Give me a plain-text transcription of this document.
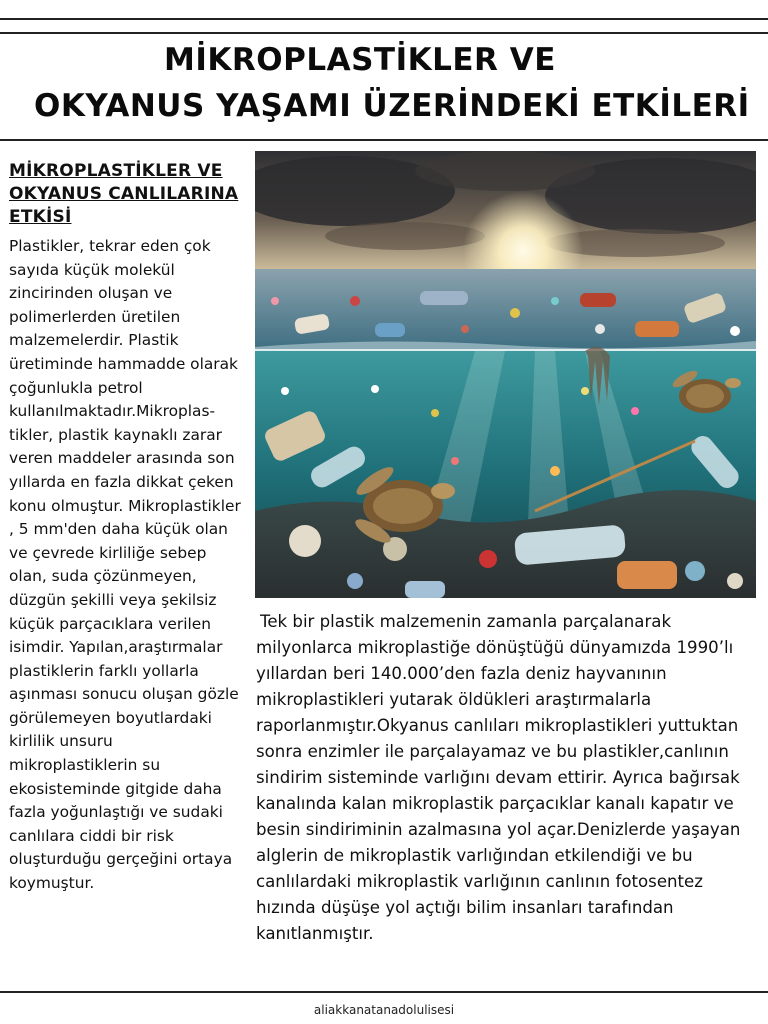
MİKROPLASTİKLER VE
OKYANUS YAŞAMI ÜZERİNDEKİ ETKİLERİ
MİKROPLASTİKLER VE OKYANUS CANLILARINA ETKİSİ

Plastikler, tekrar eden çok sayıda küçük molekül zincirinden oluşan ve polimerlerden üretilen malzemelerdir. Plastik üretiminde hammadde olarak çoğunlukla petrol kullanılmaktadır.Mikroplas-tikler, plastik kaynaklı zarar veren maddeler arasında son yıllarda en fazla dikkat çeken konu olmuştur. Mikroplastikler , 5 mm'den daha küçük olan ve çevrede kirliliğe sebep olan, suda çözünmeyen, düzgün şekilli veya şekilsiz küçük parçacıklara verilen isimdir. Yapılan,araştırmalar plastiklerin farklı yollarla aşınması sonucu oluşan gözle görülemeyen boyutlardaki kirlilik unsuru mikroplastiklerin su ekosisteminde gitgide daha fazla yoğunlaştığı ve sudaki canlılara ciddi bir risk oluşturduğu gerçeğini ortaya koymuştur.

Tek bir plastik malzemenin zamanla parçalanarak milyonlarca mikroplastiğe dönüştüğü dünyamızda 1990’lı yıllardan beri 140.000’den fazla deniz hayvanının mikroplastikleri yutarak öldükleri araştırmalarla raporlanmıştır.Okyanus canlıları mikroplastikleri yuttuktan sonra enzimler ile parçalayamaz ve bu plastikler,canlının sindirim sisteminde varlığını devam ettirir. Ayrıca bağırsak kanalında kalan mikroplastik parçacıklar kanalı kapatır ve besin sindiriminin azalmasına yol açar.Denizlerde yaşayan alglerin de mikroplastik varlığından etkilendiği ve bu canlılardaki mikroplastik varlığının canlının fotosentez hızında düşüşe yol açtığı bilim insanları tarafından kanıtlanmıştır.

aliakkanatanadolulisesi
